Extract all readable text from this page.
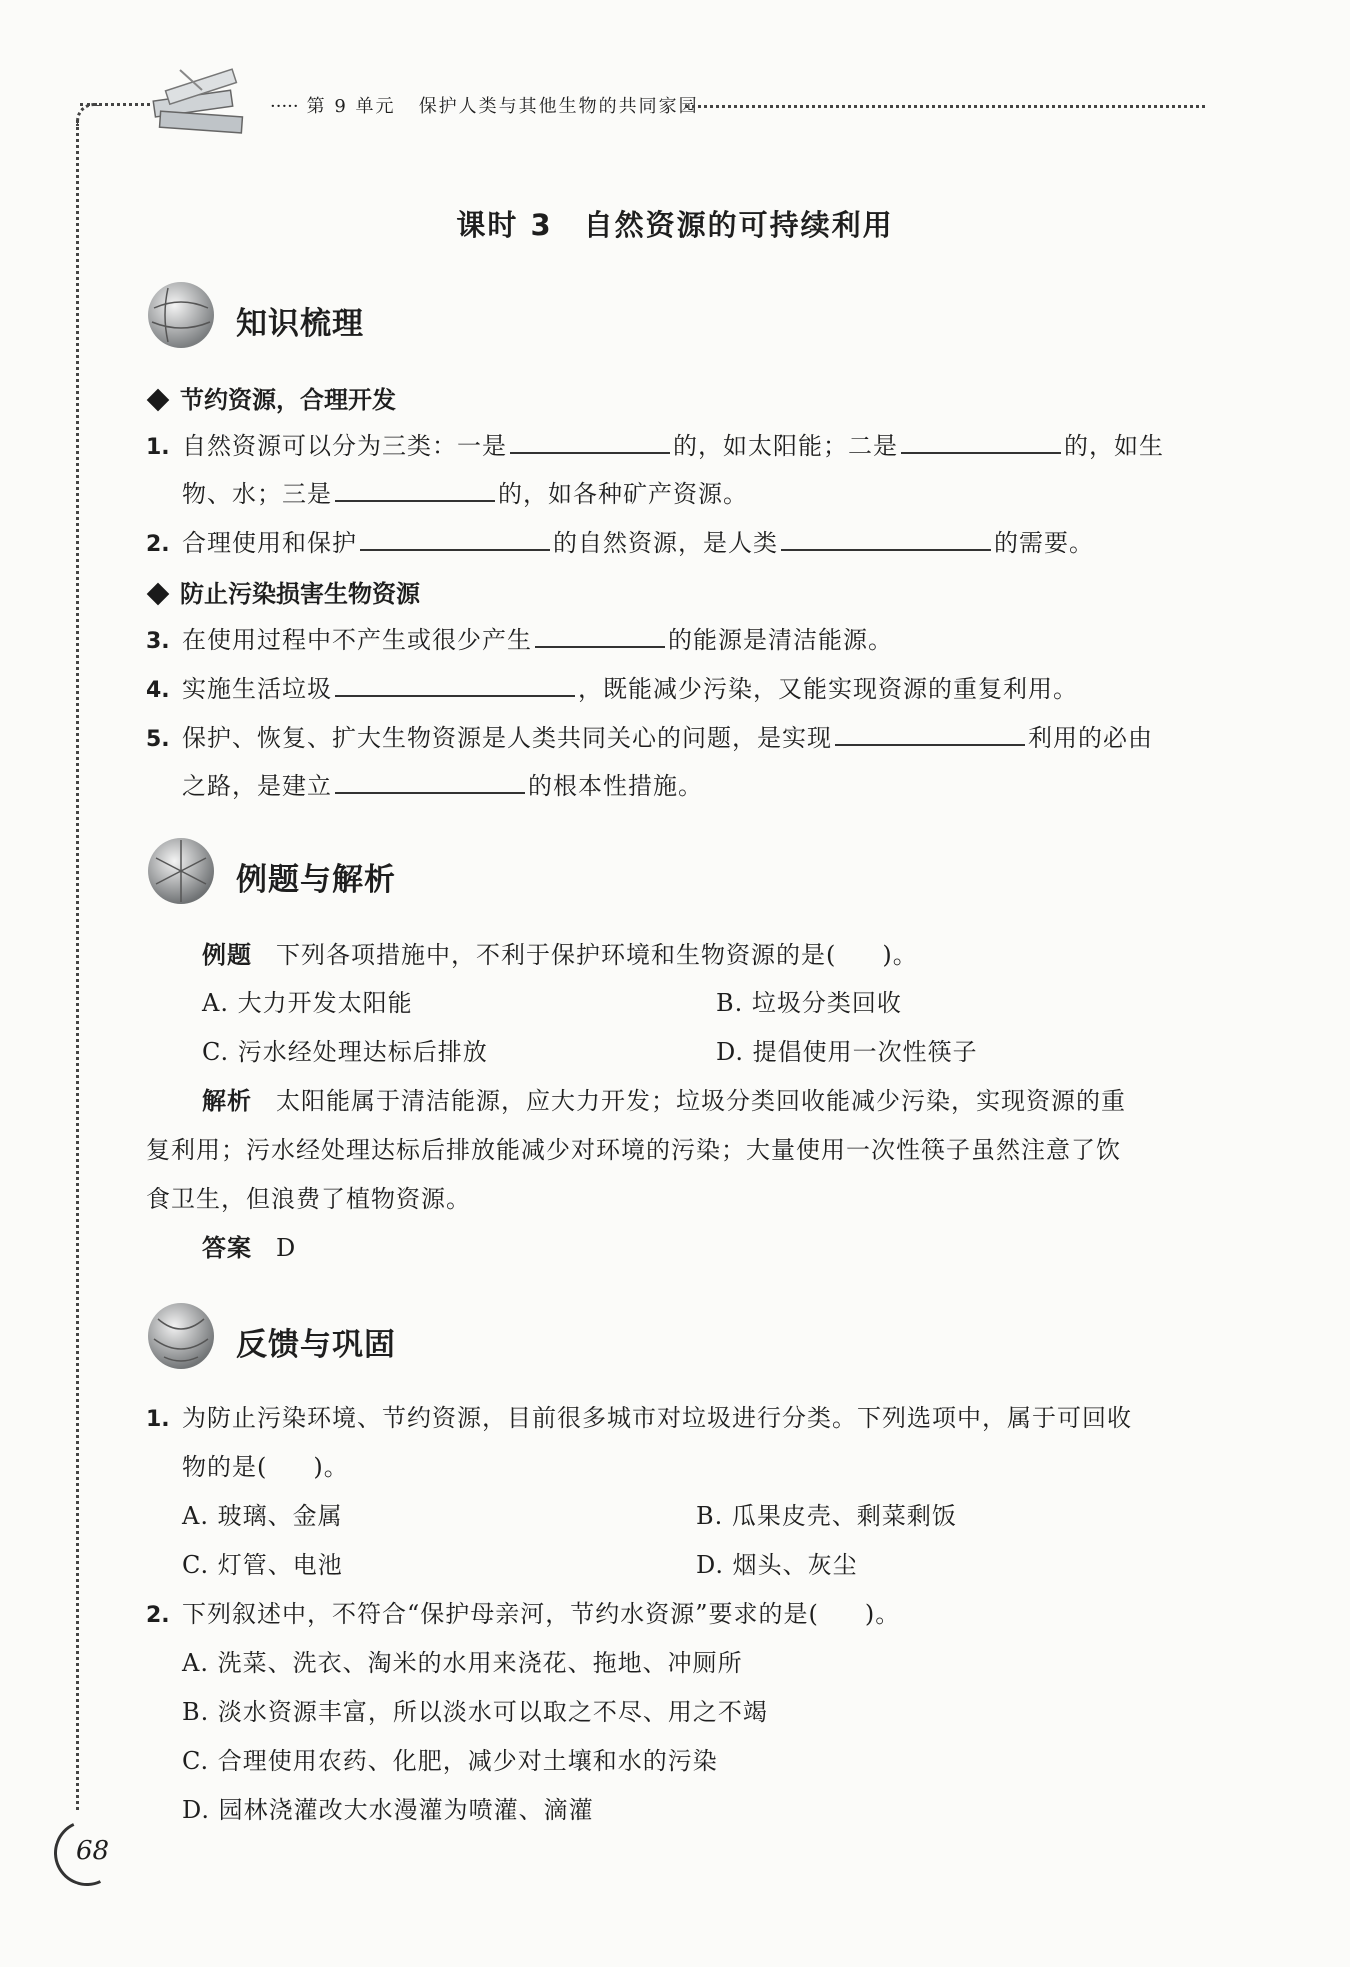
····· 第 9 单元 保护人类与其他生物的共同家园
课时 3　自然资源的可持续利用
知识梳理
节约资源，合理开发
1. 自然资源可以分为三类：一是	的，如太阳能；二是	的，如生
物、水；三是	的，如各种矿产资源。
2. 合理使用和保护	的自然资源，是人类	的需要。
防止污染损害生物资源
3. 在使用过程中不产生或很少产生	的能源是清洁能源。
4. 实施生活垃圾	，既能减少污染，又能实现资源的重复利用。
5. 保护、恢复、扩大生物资源是人类共同关心的问题，是实现	利用的必由
之路，是建立	的根本性措施。
例题与解析
例题 下列各项措施中，不利于保护环境和生物资源的是( )。
A. 大力开发太阳能	B. 垃圾分类回收
C. 污水经处理达标后排放	D. 提倡使用一次性筷子
解析 太阳能属于清洁能源，应大力开发；垃圾分类回收能减少污染，实现资源的重
复利用；污水经处理达标后排放能减少对环境的污染；大量使用一次性筷子虽然注意了饮
食卫生，但浪费了植物资源。
答案 D
反馈与巩固
1. 为防止污染环境、节约资源，目前很多城市对垃圾进行分类。下列选项中，属于可回收
物的是( )。
A. 玻璃、金属	B. 瓜果皮壳、剩菜剩饭
C. 灯管、电池	D. 烟头、灰尘
2. 下列叙述中，不符合“保护母亲河，节约水资源”要求的是( )。
A. 洗菜、洗衣、淘米的水用来浇花、拖地、冲厕所
B. 淡水资源丰富，所以淡水可以取之不尽、用之不竭
C. 合理使用农药、化肥，减少对土壤和水的污染
D. 园林浇灌改大水漫灌为喷灌、滴灌
68
